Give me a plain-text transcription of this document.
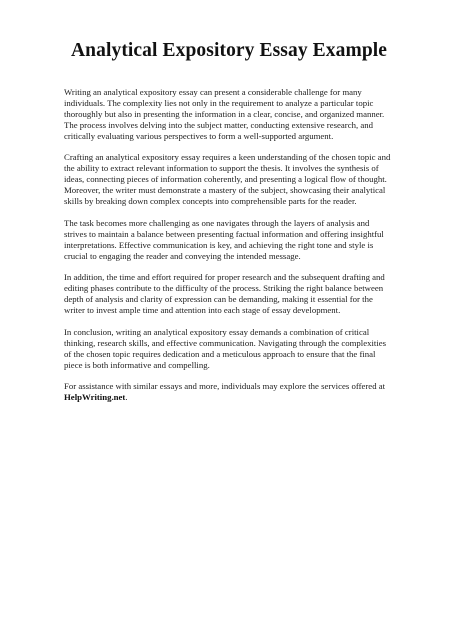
Analytical Expository Essay Example

Writing an analytical expository essay can present a considerable challenge for many individuals. The complexity lies not only in the requirement to analyze a particular topic thoroughly but also in presenting the information in a clear, concise, and organized manner. The process involves delving into the subject matter, conducting extensive research, and critically evaluating various perspectives to form a well-supported argument.

Crafting an analytical expository essay requires a keen understanding of the chosen topic and the ability to extract relevant information to support the thesis. It involves the synthesis of ideas, connecting pieces of information coherently, and presenting a logical flow of thought. Moreover, the writer must demonstrate a mastery of the subject, showcasing their analytical skills by breaking down complex concepts into comprehensible parts for the reader.

The task becomes more challenging as one navigates through the layers of analysis and strives to maintain a balance between presenting factual information and offering insightful interpretations. Effective communication is key, and achieving the right tone and style is crucial to engaging the reader and conveying the intended message.

In addition, the time and effort required for proper research and the subsequent drafting and editing phases contribute to the difficulty of the process. Striking the right balance between depth of analysis and clarity of expression can be demanding, making it essential for the writer to invest ample time and attention into each stage of essay development.

In conclusion, writing an analytical expository essay demands a combination of critical thinking, research skills, and effective communication. Navigating through the complexities of the chosen topic requires dedication and a meticulous approach to ensure that the final piece is both informative and compelling.

For assistance with similar essays and more, individuals may explore the services offered at HelpWriting.net.
